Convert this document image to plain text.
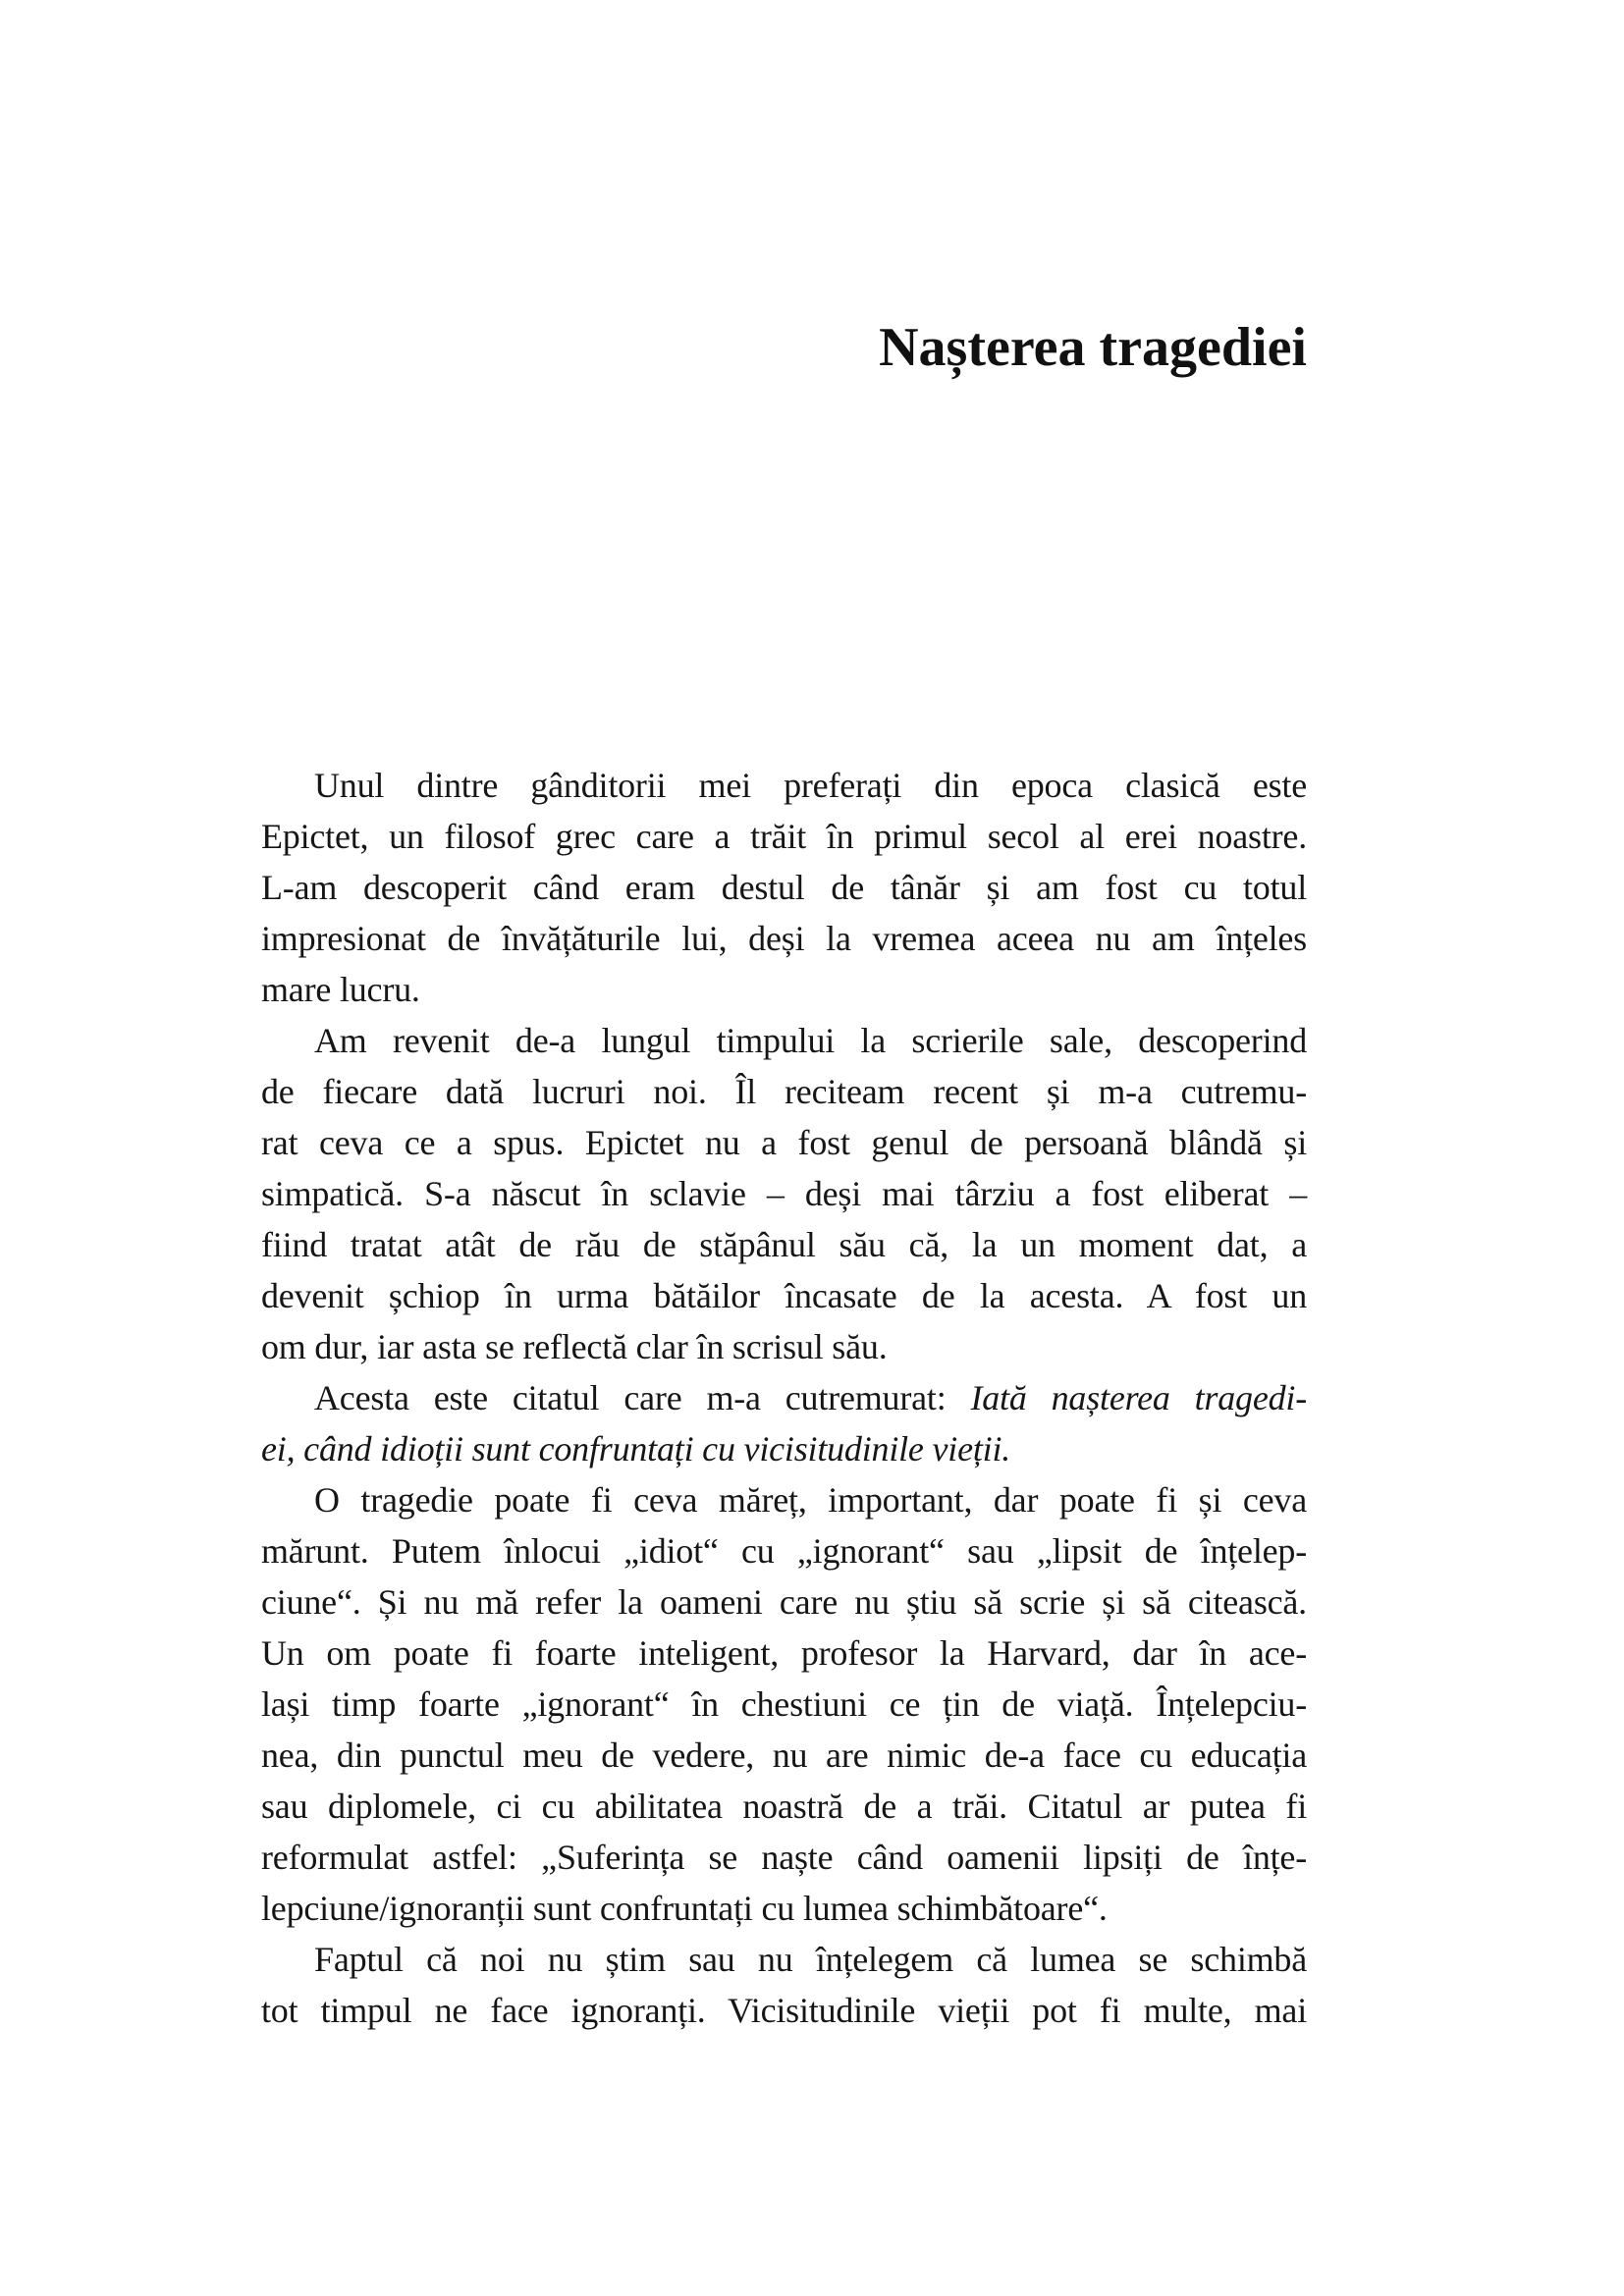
Nașterea tragediei
Unul dintre gânditorii mei preferați din epoca clasică este
Epictet, un filosof grec care a trăit în primul secol al erei noastre.
L-am descoperit când eram destul de tânăr și am fost cu totul
impresionat de învățăturile lui, deși la vremea aceea nu am înțeles
mare lucru.
Am revenit de-a lungul timpului la scrierile sale, descoperind
de fiecare dată lucruri noi. Îl reciteam recent și m-a cutremu-
rat ceva ce a spus. Epictet nu a fost genul de persoană blândă și
simpatică. S-a născut în sclavie – deși mai târziu a fost eliberat –
fiind tratat atât de rău de stăpânul său că, la un moment dat, a
devenit șchiop în urma bătăilor încasate de la acesta. A fost un
om dur, iar asta se reflectă clar în scrisul său.
Acesta este citatul care m-a cutremurat: Iată nașterea tragedi-
ei, când idioții sunt confruntați cu vicisitudinile vieții.
O tragedie poate fi ceva măreț, important, dar poate fi și ceva
mărunt. Putem înlocui „idiot“ cu „ignorant“ sau „lipsit de înțelep-
ciune“. Și nu mă refer la oameni care nu știu să scrie și să citească.
Un om poate fi foarte inteligent, profesor la Harvard, dar în ace-
lași timp foarte „ignorant“ în chestiuni ce țin de viață. Înțelepciu-
nea, din punctul meu de vedere, nu are nimic de-a face cu educația
sau diplomele, ci cu abilitatea noastră de a trăi. Citatul ar putea fi
reformulat astfel: „Suferința se naște când oamenii lipsiți de înțe-
lepciune/ignoranții sunt confruntați cu lumea schimbătoare“.
Faptul că noi nu știm sau nu înțelegem că lumea se schimbă
tot timpul ne face ignoranți. Vicisitudinile vieții pot fi multe, mai
